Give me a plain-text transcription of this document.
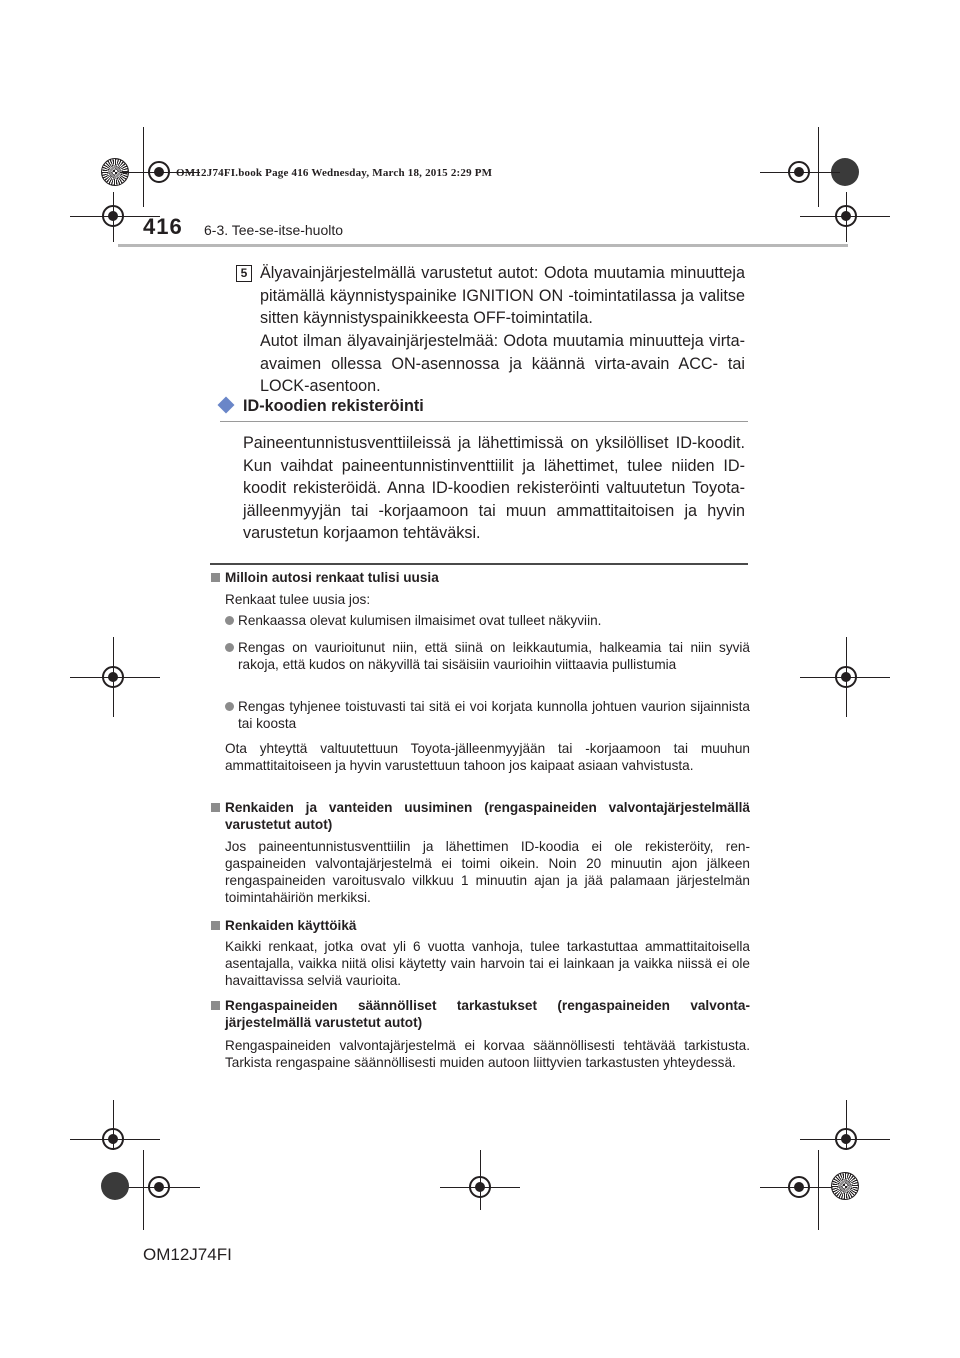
OM12J74FI.book Page 416 Wednesday, March 18, 2015 2:29 PM
416 6-3. Tee-se-itse-huolto
5 Älyavainjärjestelmällä varustetut autot: Odota muutamia minuutteja pitämällä käynnistyspainike IGNITION ON -toimintatilassa ja valitse sitten käynnistyspainikkeesta OFF-toimintatila.
Autot ilman älyavainjärjestelmää: Odota muutamia minuutteja virta-avaimen ollessa ON-asennossa ja käännä virta-avain ACC- tai LOCK-asentoon.
ID-koodien rekisteröinti
Paineentunnistusventtiileissä ja lähettimissä on yksilölliset ID-koodit. Kun vaihdat paineentunnistinventtiilit ja lähettimet, tulee niiden ID-koodit rekisteröidä. Anna ID-koodien rekisteröinti valtuutetun Toyota-jälleenmyyjän tai -korjaamoon tai muun ammattitaitoisen ja hyvin varustetun korjaamon tehtäväksi.
Milloin autosi renkaat tulisi uusia
Renkaat tulee uusia jos:
Renkaassa olevat kulumisen ilmaisimet ovat tulleet näkyviin.
Rengas on vaurioitunut niin, että siinä on leikkautumia, halkeamia tai niin syviä rakoja, että kudos on näkyvillä tai sisäisiin vaurioihin viittaavia pullistumia
Rengas tyhjenee toistuvasti tai sitä ei voi korjata kunnolla johtuen vaurion sijainnista tai koosta
Ota yhteyttä valtuutettuun Toyota-jälleenmyyjään tai -korjaamoon tai muuhun ammattitaitoiseen ja hyvin varustettuun tahoon jos kaipaat asiaan vahvistusta.
Renkaiden ja vanteiden uusiminen (rengaspaineiden valvontajärjestelmällä varustetut autot)
Jos paineentunnistusventtiilin ja lähettimen ID-koodia ei ole rekisteröity, rengaspaineiden valvontajärjestelmä ei toimi oikein. Noin 20 minuutin ajon jälkeen rengaspaineiden varoitusvalo vilkkuu 1 minuutin ajan ja jää palamaan järjestelmän toimintahäiriön merkiksi.
Renkaiden käyttöikä
Kaikki renkaat, jotka ovat yli 6 vuotta vanhoja, tulee tarkastuttaa ammattitaitoisella asentajalla, vaikka niitä olisi käytetty vain harvoin tai ei lainkaan ja vaikka niissä ei ole havaittavissa selviä vaurioita.
Rengaspaineiden säännölliset tarkastukset (rengaspaineiden valvontajärjestelmällä varustetut autot)
Rengaspaineiden valvontajärjestelmä ei korvaa säännöllisesti tehtävää tarkistusta. Tarkista rengaspaine säännöllisesti muiden autoon liittyvien tarkastusten yhteydessä.
OM12J74FI
